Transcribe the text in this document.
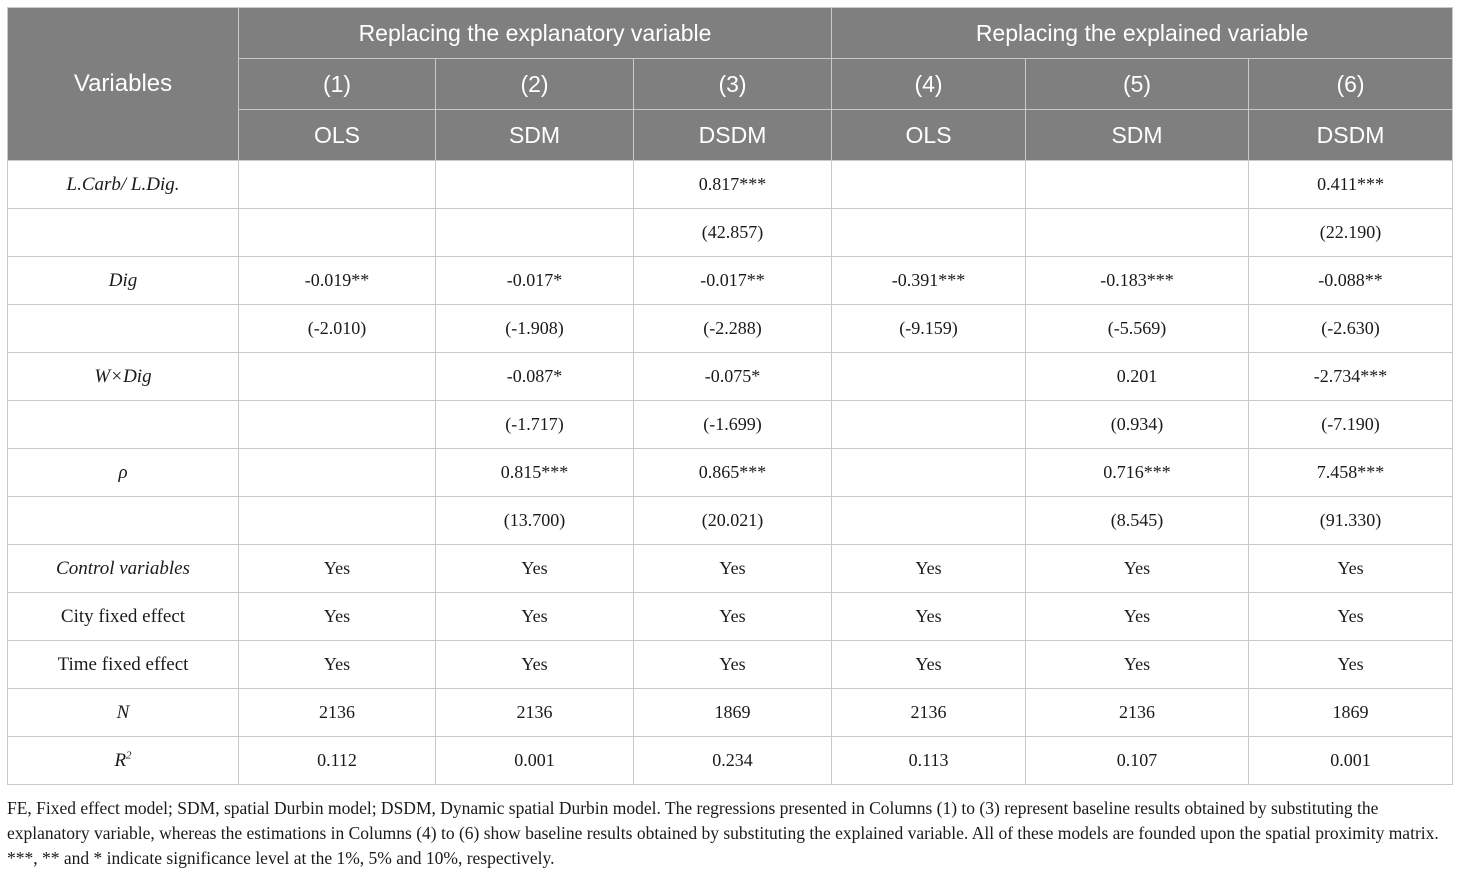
Variables	Replacing the explanatory variable			Replacing the explained variable		
	(1)	(2)	(3)	(4)	(5)	(6)
	OLS	SDM	DSDM	OLS	SDM	DSDM
L.Carb/ L.Dig.			0.817***			0.411***
			(42.857)			(22.190)
Dig	-0.019**	-0.017*	-0.017**	-0.391***	-0.183***	-0.088**
	(-2.010)	(-1.908)	(-2.288)	(-9.159)	(-5.569)	(-2.630)
W×Dig		-0.087*	-0.075*		0.201	-2.734***
		(-1.717)	(-1.699)		(0.934)	(-7.190)
ρ		0.815***	0.865***		0.716***	7.458***
		(13.700)	(20.021)		(8.545)	(91.330)
Control variables	Yes	Yes	Yes	Yes	Yes	Yes
City fixed effect	Yes	Yes	Yes	Yes	Yes	Yes
Time fixed effect	Yes	Yes	Yes	Yes	Yes	Yes
N	2136	2136	1869	2136	2136	1869
$R^2$	0.112	0.001	0.234	0.113	0.107	0.001
FE, Fixed effect model; SDM, spatial Durbin model; DSDM, Dynamic spatial Durbin model. The regressions presented in Columns (1) to (3) represent baseline results obtained by substituting the explanatory variable, whereas the estimations in Columns (4) to (6) show baseline results obtained by substituting the explained variable. All of these models are founded upon the spatial proximity matrix. ***, ** and * indicate significance level at the 1%, 5% and 10%, respectively.
